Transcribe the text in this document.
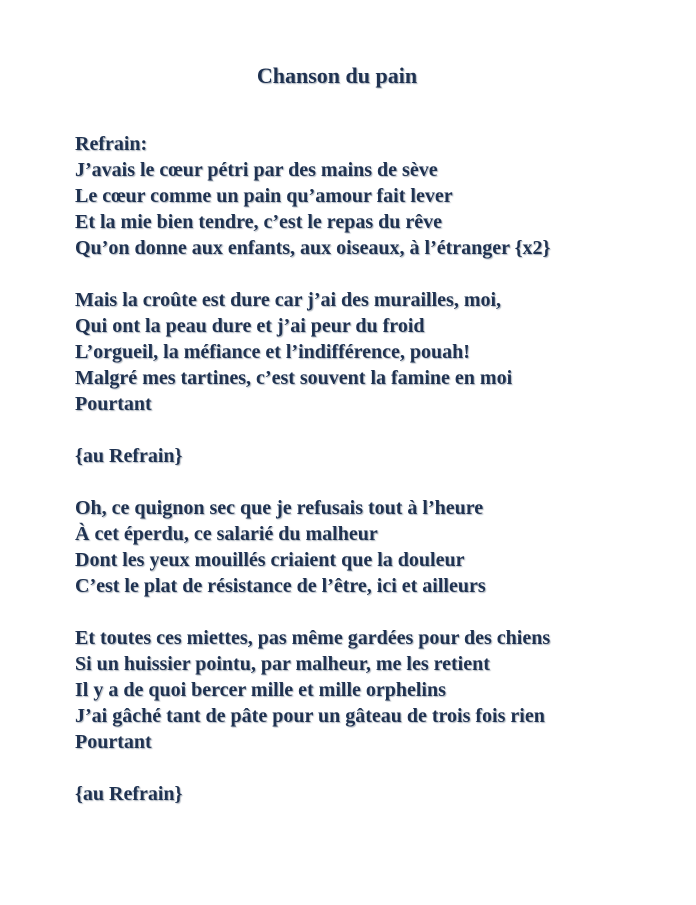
Chanson du pain
Refrain:
J’avais le cœur pétri par des mains de sève
Le cœur comme un pain qu’amour fait lever
Et la mie bien tendre, c’est le repas du rêve
Qu’on donne aux enfants, aux oiseaux, à l’étranger {x2}
Mais la croûte est dure car j’ai des murailles, moi,
Qui ont la peau dure et j’ai peur du froid
L’orgueil, la méfiance et l’indifférence, pouah!
Malgré mes tartines, c’est souvent la famine en moi
Pourtant
{au Refrain}
Oh, ce quignon sec que je refusais tout à l’heure
À cet éperdu, ce salarié du malheur
Dont les yeux mouillés criaient que la douleur
C’est le plat de résistance de l’être, ici et ailleurs
Et toutes ces miettes, pas même gardées pour des chiens
Si un huissier pointu, par malheur, me les retient
Il y a de quoi bercer mille et mille orphelins
J’ai gâché tant de pâte pour un gâteau de trois fois rien
Pourtant
{au Refrain}
